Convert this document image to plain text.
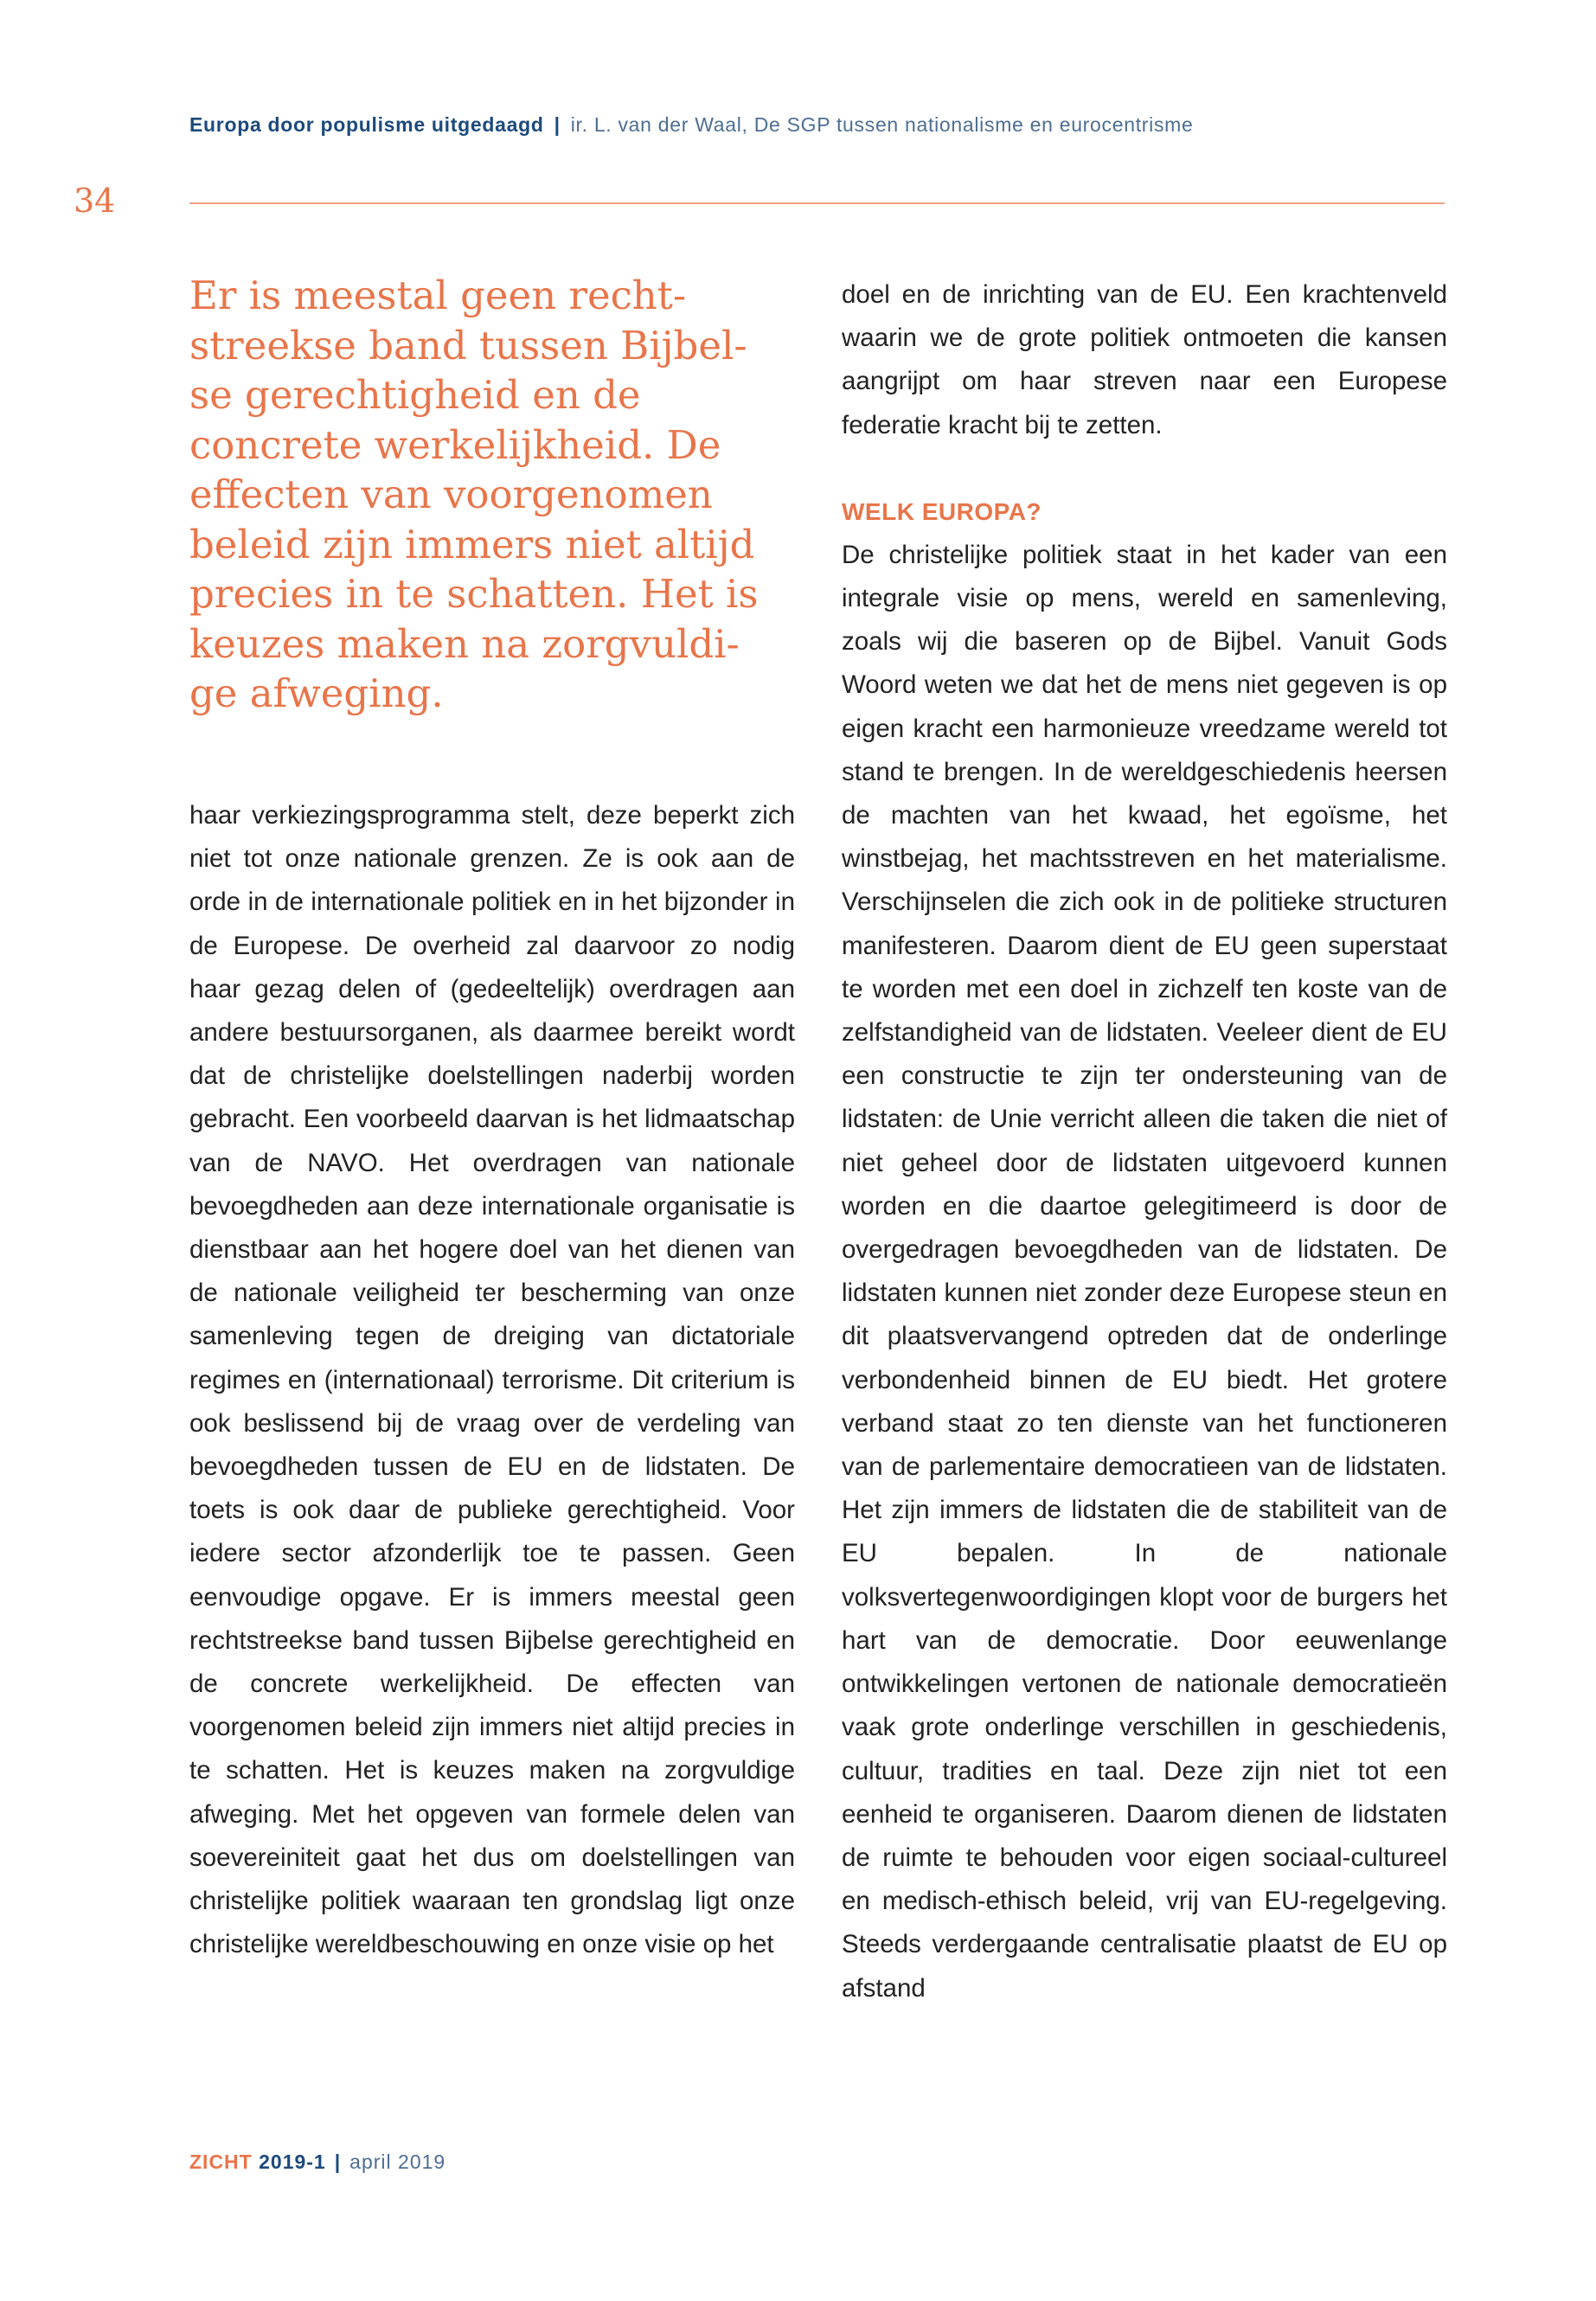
Europa door populisme uitgedaagd | ir. L. van der Waal, De SGP tussen nationalisme en eurocentrisme
34
Er is meestal geen recht-
streekse band tussen Bijbel-
se gerechtigheid en de
concrete werkelijkheid. De
effecten van voorgenomen
beleid zijn immers niet altijd
precies in te schatten. Het is
keuzes maken na zorgvuldi-
ge afweging.

haar verkiezingsprogramma stelt, deze beperkt zich niet tot onze nationale grenzen. Ze is ook aan de orde in de internationale politiek en in het bijzonder in de Europese. De overheid zal daarvoor zo nodig haar gezag delen of (gedeeltelijk) overdragen aan andere bestuursorganen, als daarmee bereikt wordt dat de christelijke doelstellingen naderbij worden gebracht. Een voorbeeld daarvan is het lidmaatschap van de NAVO. Het overdragen van nationale bevoegdheden aan deze internationale organisatie is dienstbaar aan het hogere doel van het dienen van de nationale veiligheid ter bescherming van onze samenleving tegen de dreiging van dictatoriale regimes en (internationaal) terrorisme. Dit criterium is ook beslissend bij de vraag over de verdeling van bevoegdheden tussen de EU en de lidstaten. De toets is ook daar de publieke gerechtigheid. Voor iedere sector afzonderlijk toe te passen. Geen eenvoudige opgave. Er is immers meestal geen rechtstreekse band tussen Bijbelse gerechtigheid en de concrete werkelijkheid. De effecten van voorgenomen beleid zijn immers niet altijd precies in te schatten. Het is keuzes maken na zorgvuldige afweging. Met het opgeven van formele delen van soevereiniteit gaat het dus om doelstellingen van christelijke politiek waaraan ten grondslag ligt onze christelijke wereldbeschouwing en onze visie op het

doel en de inrichting van de EU. Een krachtenveld waarin we de grote politiek ontmoeten die kansen aangrijpt om haar streven naar een Europese federatie kracht bij te zetten.

WELK EUROPA?

De christelijke politiek staat in het kader van een integrale visie op mens, wereld en samenleving, zoals wij die baseren op de Bijbel. Vanuit Gods Woord weten we dat het de mens niet gegeven is op eigen kracht een harmonieuze vreedzame wereld tot stand te brengen. In de wereldgeschiedenis heersen de machten van het kwaad, het egoïsme, het winstbejag, het machtsstreven en het materialisme. Verschijnselen die zich ook in de politieke structuren manifesteren. Daarom dient de EU geen superstaat te worden met een doel in zichzelf ten koste van de zelfstandigheid van de lidstaten. Veeleer dient de EU een constructie te zijn ter ondersteuning van de lidstaten: de Unie verricht alleen die taken die niet of niet geheel door de lidstaten uitgevoerd kunnen worden en die daartoe gelegitimeerd is door de overgedragen bevoegdheden van de lidstaten. De lidstaten kunnen niet zonder deze Europese steun en dit plaatsvervangend optreden dat de onderlinge verbondenheid binnen de EU biedt. Het grotere verband staat zo ten dienste van het functioneren van de parlementaire democratieen van de lidstaten. Het zijn immers de lidstaten die de stabiliteit van de EU bepalen. In de nationale volksvertegenwoordigingen klopt voor de burgers het hart van de democratie. Door eeuwenlange ontwikkelingen vertonen de nationale democratieën vaak grote onderlinge verschillen in geschiedenis, cultuur, tradities en taal. Deze zijn niet tot een eenheid te organiseren. Daarom dienen de lidstaten de ruimte te behouden voor eigen sociaal-cultureel en medisch-ethisch beleid, vrij van EU-regelgeving. Steeds verdergaande centralisatie plaatst de EU op afstand

ZICHT 2019-1 | april 2019
